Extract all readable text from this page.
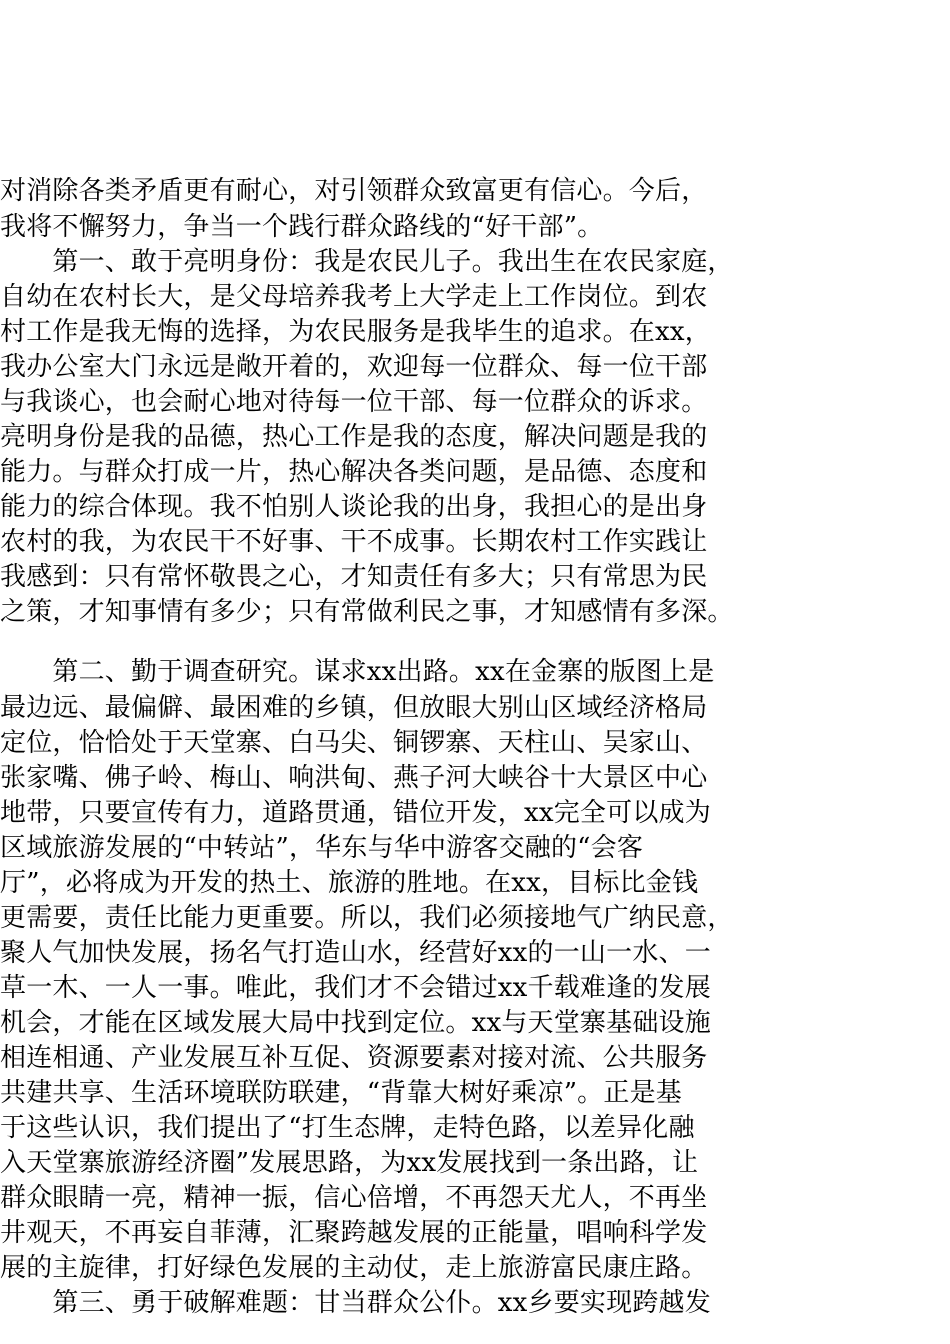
对消除各类矛盾更有耐心，对引领群众致富更有信心。今后，
我将不懈努力，争当一个践行群众路线的“好干部”。
　　第一、敢于亮明身份：我是农民儿子。我出生在农民家庭，
自幼在农村长大，是父母培养我考上大学走上工作岗位。到农
村工作是我无悔的选择，为农民服务是我毕生的追求。在xx，
我办公室大门永远是敞开着的，欢迎每一位群众、每一位干部
与我谈心，也会耐心地对待每一位干部、每一位群众的诉求。
亮明身份是我的品德，热心工作是我的态度，解决问题是我的
能力。与群众打成一片，热心解决各类问题，是品德、态度和
能力的综合体现。我不怕别人谈论我的出身，我担心的是出身
农村的我，为农民干不好事、干不成事。长期农村工作实践让
我感到：只有常怀敬畏之心，才知责任有多大；只有常思为民
之策，才知事情有多少；只有常做利民之事，才知感情有多深。
　　第二、勤于调查研究。谋求xx出路。xx在金寨的版图上是
最边远、最偏僻、最困难的乡镇，但放眼大别山区域经济格局
定位，恰恰处于天堂寨、白马尖、铜锣寨、天柱山、吴家山、
张家嘴、佛子岭、梅山、响洪甸、燕子河大峡谷十大景区中心
地带，只要宣传有力，道路贯通，错位开发，xx完全可以成为
区域旅游发展的“中转站”，华东与华中游客交融的“会客
厅”，必将成为开发的热土、旅游的胜地。在xx，目标比金钱
更需要，责任比能力更重要。所以，我们必须接地气广纳民意，
聚人气加快发展，扬名气打造山水，经营好xx的一山一水、一
草一木、一人一事。唯此，我们才不会错过xx千载难逢的发展
机会，才能在区域发展大局中找到定位。xx与天堂寨基础设施
相连相通、产业发展互补互促、资源要素对接对流、公共服务
共建共享、生活环境联防联建，“背靠大树好乘凉”。正是基
于这些认识，我们提出了“打生态牌，走特色路，以差异化融
入天堂寨旅游经济圈”发展思路，为xx发展找到一条出路，让
群众眼睛一亮，精神一振，信心倍增，不再怨天尤人，不再坐
井观天，不再妄自菲薄，汇聚跨越发展的正能量，唱响科学发
展的主旋律，打好绿色发展的主动仗，走上旅游富民康庄路。
　　第三、勇于破解难题：甘当群众公仆。xx乡要实现跨越发
